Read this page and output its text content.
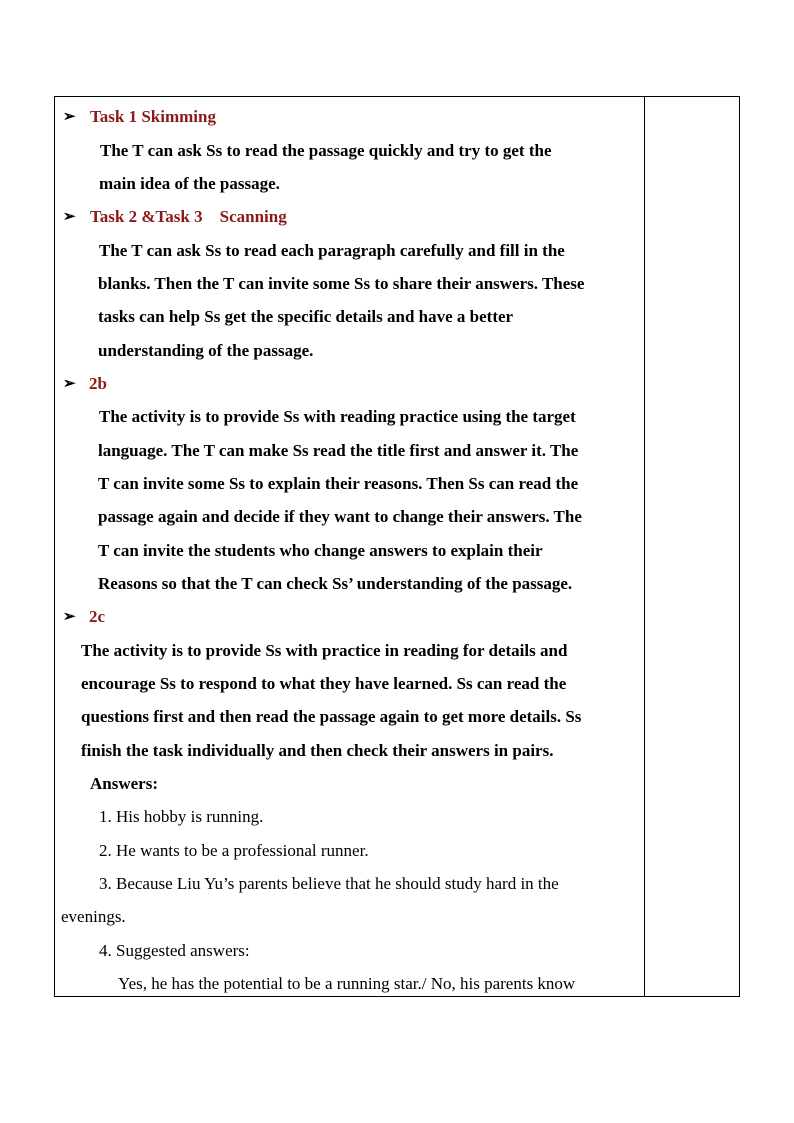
➢ Task 1 Skimming
The T can ask Ss to read the passage quickly and try to get the
main idea of the passage.
➢ Task 2 &Task 3    Scanning
The T can ask Ss to read each paragraph carefully and fill in the
blanks. Then the T can invite some Ss to share their answers. These
tasks can help Ss get the specific details and have a better
understanding of the passage.
➢ 2b
The activity is to provide Ss with reading practice using the target
language. The T can make Ss read the title first and answer it. The
T can invite some Ss to explain their reasons. Then Ss can read the
passage again and decide if they want to change their answers. The
T can invite the students who change answers to explain their
Reasons so that the T can check Ss’ understanding of the passage.
➢ 2c
The activity is to provide Ss with practice in reading for details and
encourage Ss to respond to what they have learned. Ss can read the
questions first and then read the passage again to get more details. Ss
finish the task individually and then check their answers in pairs.
Answers:
1. His hobby is running.
2. He wants to be a professional runner.
3. Because Liu Yu’s parents believe that he should study hard in the
evenings.
4. Suggested answers:
Yes, he has the potential to be a running star./ No, his parents know
